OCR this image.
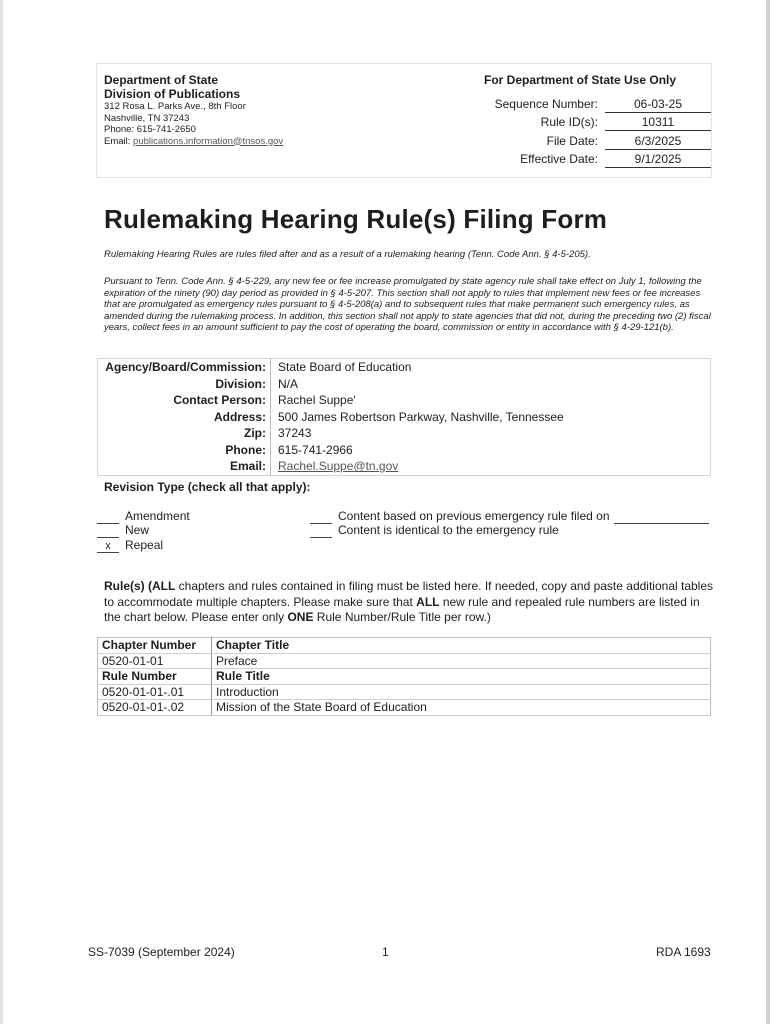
Department of State
Division of Publications
312 Rosa L. Parks Ave., 8th Floor
Nashville, TN 37243
Phone: 615-741-2650
Email: publications.information@tnsos.gov
For Department of State Use Only
Sequence Number:	06-03-25
Rule ID(s):	10311
File Date:	6/3/2025
Effective Date:	9/1/2025
Rulemaking Hearing Rule(s) Filing Form
Rulemaking Hearing Rules are rules filed after and as a result of a rulemaking hearing (Tenn. Code Ann. § 4-5-205).
Pursuant to Tenn. Code Ann. § 4-5-229, any new fee or fee increase promulgated by state agency rule shall take effect on July 1, following the expiration of the ninety (90) day period as provided in § 4-5-207. This section shall not apply to rules that implement new fees or fee increases that are promulgated as emergency rules pursuant to § 4-5-208(a) and to subsequent rules that make permanent such emergency rules, as amended during the rulemaking process. In addition, this section shall not apply to state agencies that did not, during the preceding two (2) fiscal years, collect fees in an amount sufficient to pay the cost of operating the board, commission or entity in accordance with § 4-29-121(b).
Agency/Board/Commission:	State Board of Education
Division:	N/A
Contact Person:	Rachel Suppe'
Address:	500 James Robertson Parkway, Nashville, Tennessee
Zip:	37243
Phone:	615-741-2966
Email:	Rachel.Suppe@tn.gov
Revision Type (check all that apply):
Amendment
New
x Repeal
Content based on previous emergency rule filed on
Content is identical to the emergency rule
Rule(s) (ALL chapters and rules contained in filing must be listed here. If needed, copy and paste additional tables to accommodate multiple chapters. Please make sure that ALL new rule and repealed rule numbers are listed in the chart below. Please enter only ONE Rule Number/Rule Title per row.)
Chapter Number	Chapter Title
0520-01-01	Preface
Rule Number	Rule Title
0520-01-01-.01	Introduction
0520-01-01-.02	Mission of the State Board of Education
SS-7039 (September 2024)	1	RDA 1693
